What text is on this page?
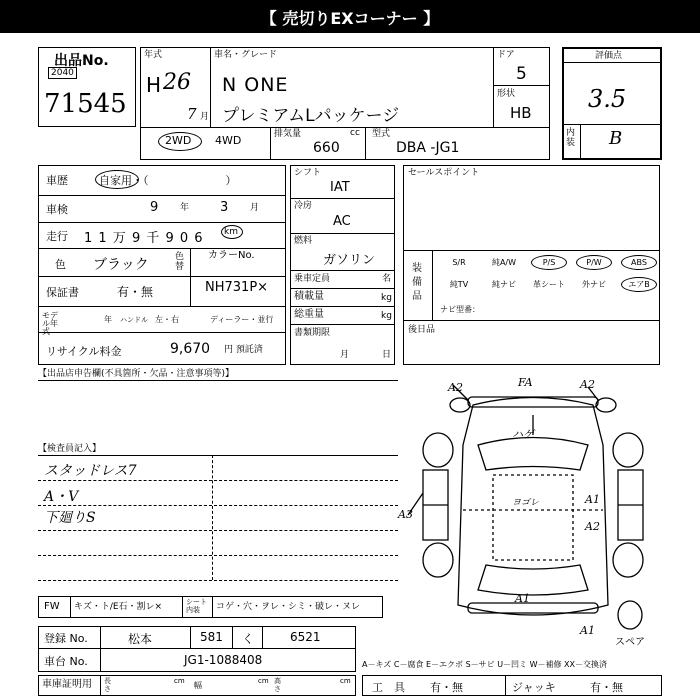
【 売切りEXコーナー 】
出品No.
2040
71545
年式
H 26
7 月
車名・グレード
N ONE
プレミアムLパッケージ
ドア
5
形状
HB
2WD 4WD	排気量	cc
660
型式
DBA ‑JG1
評価点
3.5
内装 B
車歴	自家用・（　　　　　　　）
車検	9 年 3 月
走行 1 1 万 9 千 9 0 6 km
色 ブラック	色替
カラーNo.
NH731P×
保証書	有・無
モデル年式
年 ハンドル 左・右	ディーラー・並行
リサイクル料金	9,670 円 預託済
シフト
IAT
冷房
AC
燃料
ガソリン
乗車定員	名
積載量	kg
総重量	kg
書類期限
月	日
セールスポイント
装備品
S/R	純A/W	P/S	P/W	ABS
純TV	純ナビ	革シート	外ナビ	エアB
ナビ型番：
後日品
【出品店申告欄(不具箇所・欠品・注意事項等)】
【検査員記入】
スタッドレス7
A・V
下廻りS
A2	FA	A2
ハゲ
ヨゴレ
A3
A1
A2
A1
A1
スペア
FW キズ・ト/E石・割レ×	シート内装	コゲ・穴・ヲレ・シミ・破レ・ヌレ
登録 No.	松本	581 く	6521
車台 No.	JG1-1088408	A－キズ C－腐食 E－エクボ S－サビ U－凹ミ W－補修 XX－交換済
車庫証明用 長さ
cm 幅	cm 高さ
cm 工　具 有・無	ジャッキ	有・無
